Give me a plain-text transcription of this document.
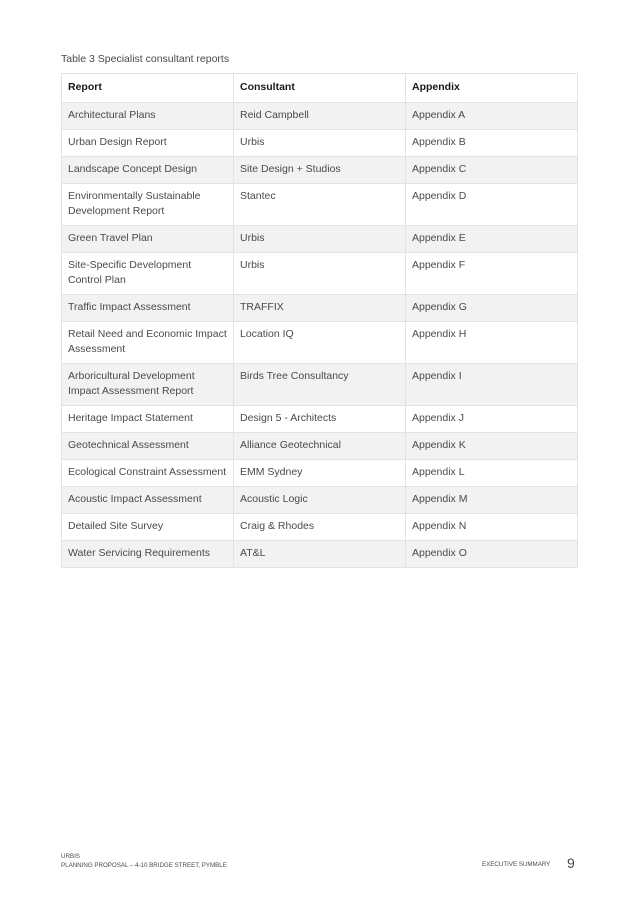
Table 3 Specialist consultant reports
Report	Consultant	Appendix
Architectural Plans	Reid Campbell	Appendix A
Urban Design Report	Urbis	Appendix B
Landscape Concept Design	Site Design + Studios	Appendix C
Environmentally Sustainable Development Report	Stantec	Appendix D
Green Travel Plan	Urbis	Appendix E
Site-Specific Development Control Plan	Urbis	Appendix F
Traffic Impact Assessment	TRAFFIX	Appendix G
Retail Need and Economic Impact Assessment	Location IQ	Appendix H
Arboricultural Development Impact Assessment Report	Birds Tree Consultancy	Appendix I
Heritage Impact Statement	Design 5 - Architects	Appendix J
Geotechnical Assessment	Alliance Geotechnical	Appendix K
Ecological Constraint Assessment	EMM Sydney	Appendix L
Acoustic Impact Assessment	Acoustic Logic	Appendix M
Detailed Site Survey	Craig & Rhodes	Appendix N
Water Servicing Requirements	AT&L	Appendix O
URBIS
PLANNING PROPOSAL – 4-10 BRIDGE STREET, PYMBLE	EXECUTIVE SUMMARY 9
